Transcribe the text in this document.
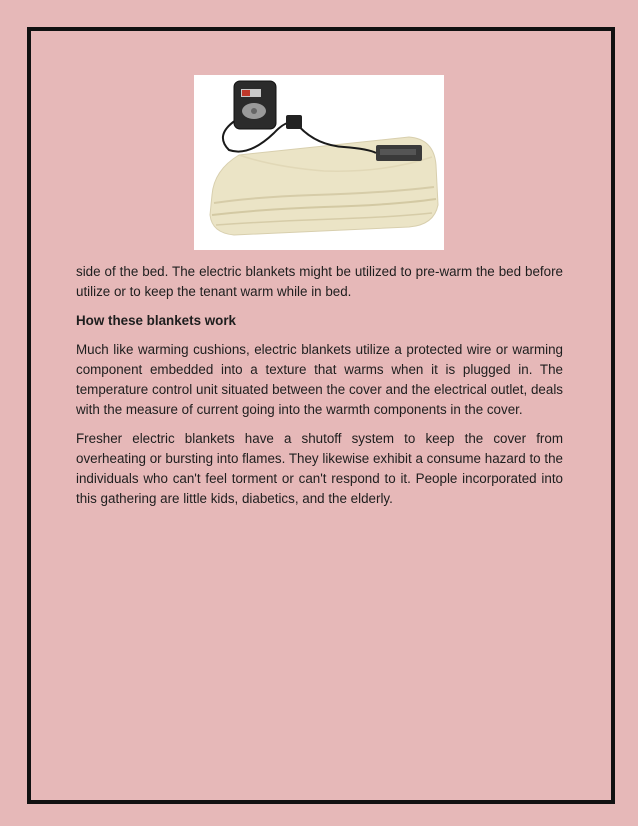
side of the bed. The electric blankets might be utilized to pre-warm the bed before utilize or to keep the tenant warm while in bed.

How these blankets work

Much like warming cushions, electric blankets utilize a protected wire or warming component embedded into a texture that warms when it is plugged in. The temperature control unit situated between the cover and the electrical outlet, deals with the measure of current going into the warmth components in the cover.

Fresher electric blankets have a shutoff system to keep the cover from overheating or bursting into flames. They likewise exhibit a consume hazard to the individuals who can't feel torment or can't respond to it. People incorporated into this gathering are little kids, diabetics, and the elderly.
